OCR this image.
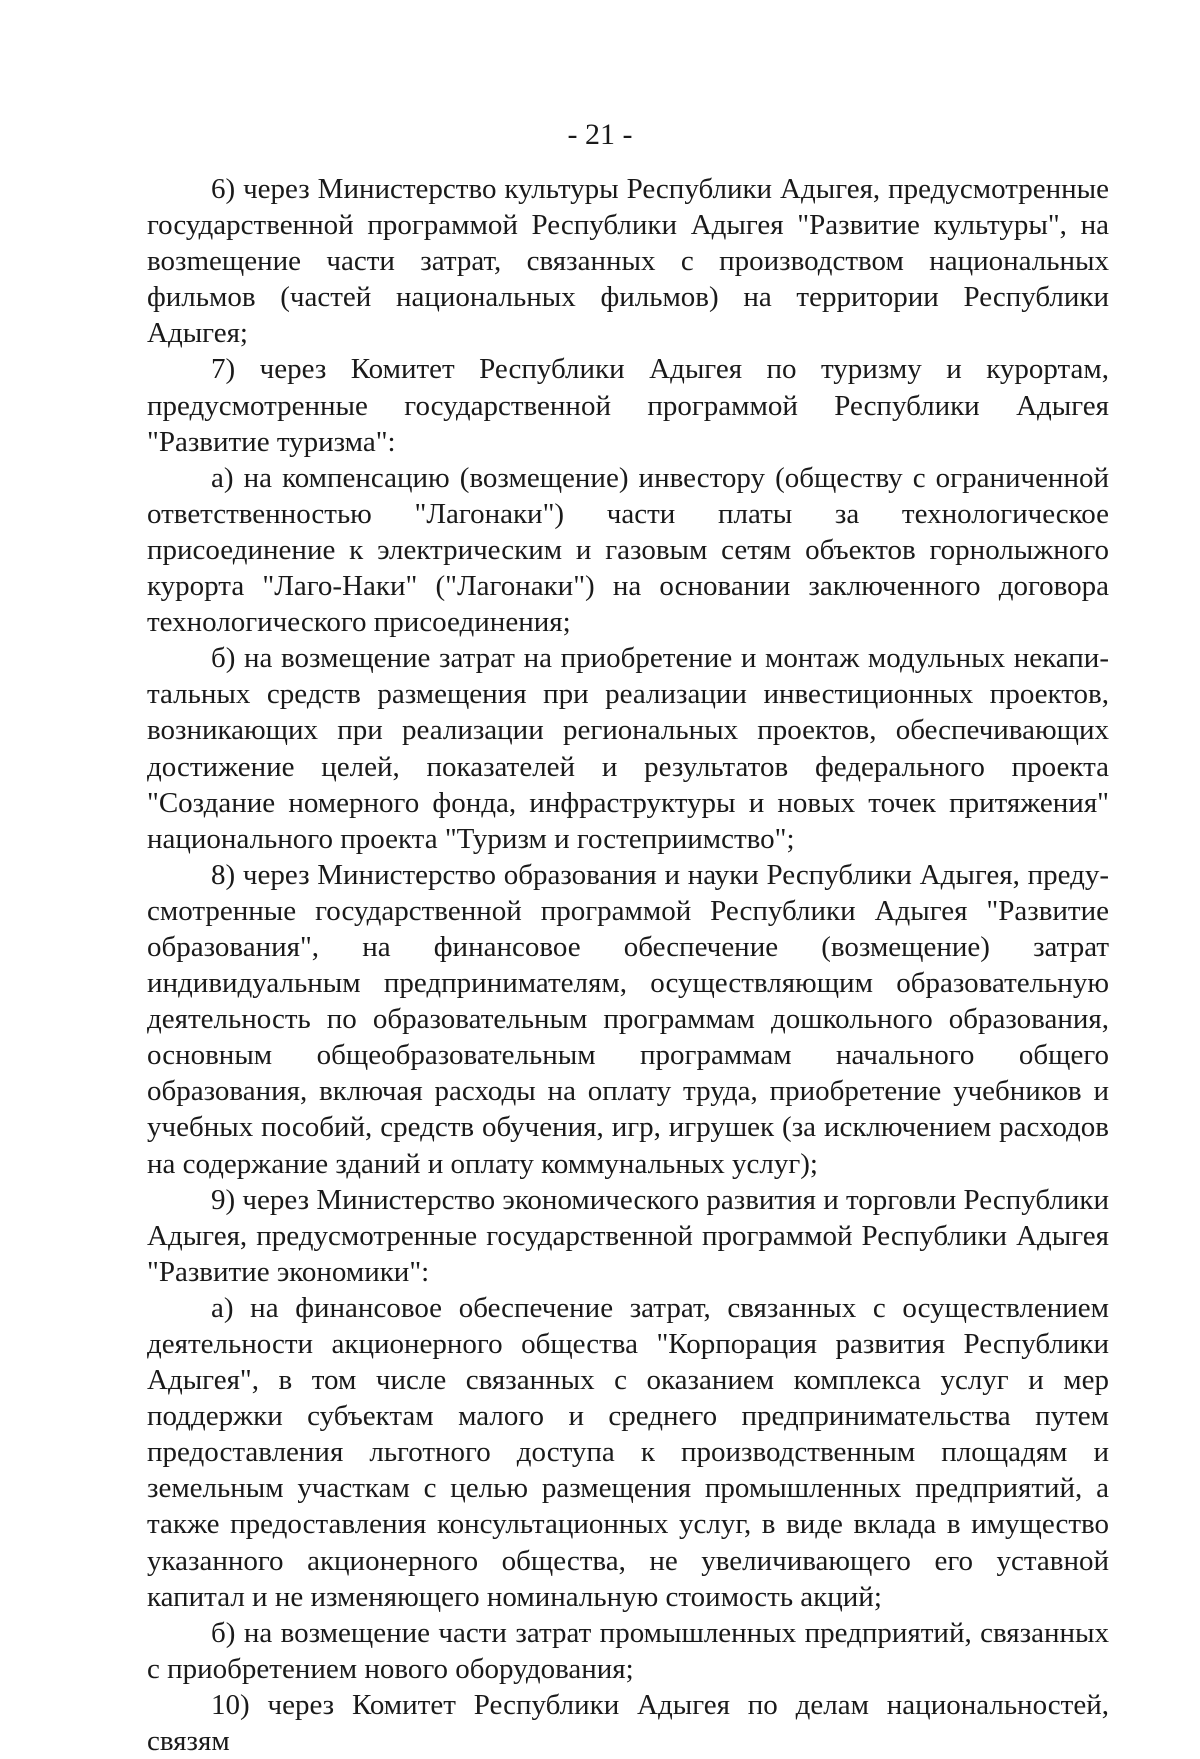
- 21 -

6) через Министерство культуры Республики Адыгея, предусмотренные государственной программой Республики Адыгея "Развитие культуры", на возmещение части затрат, связанных с производством национальных фильмов (частей национальных фильмов) на территории Республики Адыгея;

7) через Комитет Республики Адыгея по туризму и курортам, предусмотренные государственной программой Республики Адыгея "Развитие туризма":

а) на компенсацию (возмещение) инвестору (обществу с ограниченной ответственностью "Лагонаки") части платы за технологическое присоединение к электрическим и газовым сетям объектов горнолыжного курорта "Лаго-Наки" ("Лагонаки") на основании заключенного договора технологического присоединения;

б) на возмещение затрат на приобретение и монтаж модульных некапитальных средств размещения при реализации инвестиционных проектов, возникающих при реализации региональных проектов, обеспечивающих достижение целей, показателей и результатов федерального проекта "Создание номерного фонда, инфраструктуры и новых точек притяжения" национального проекта "Туризм и гостеприимство";

8) через Министерство образования и науки Республики Адыгея, предусмотренные государственной программой Республики Адыгея "Развитие образования", на финансовое обеспечение (возмещение) затрат индивидуальным предпринимателям, осуществляющим образовательную деятельность по образовательным программам дошкольного образования, основным общеобразовательным программам начального общего образования, включая расходы на оплату труда, приобретение учебников и учебных пособий, средств обучения, игр, игрушек (за исключением расходов на содержание зданий и оплату коммунальных услуг);

9) через Министерство экономического развития и торговли Республики Адыгея, предусмотренные государственной программой Республики Адыгея "Развитие экономики":

а) на финансовое обеспечение затрат, связанных с осуществлением деятельности акционерного общества "Корпорация развития Республики Адыгея", в том числе связанных с оказанием комплекса услуг и мер поддержки субъектам малого и среднего предпринимательства путем предоставления льготного доступа к производственным площадям и земельным участкам с целью размещения промышленных предприятий, а также предоставления консультационных услуг, в виде вклада в имущество указанного акционерного общества, не увеличивающего его уставной капитал и не изменяющего номинальную стоимость акций;

б) на возмещение части затрат промышленных предприятий, связанных с приобретением нового оборудования;

10) через Комитет Республики Адыгея по делам национальностей, связям
